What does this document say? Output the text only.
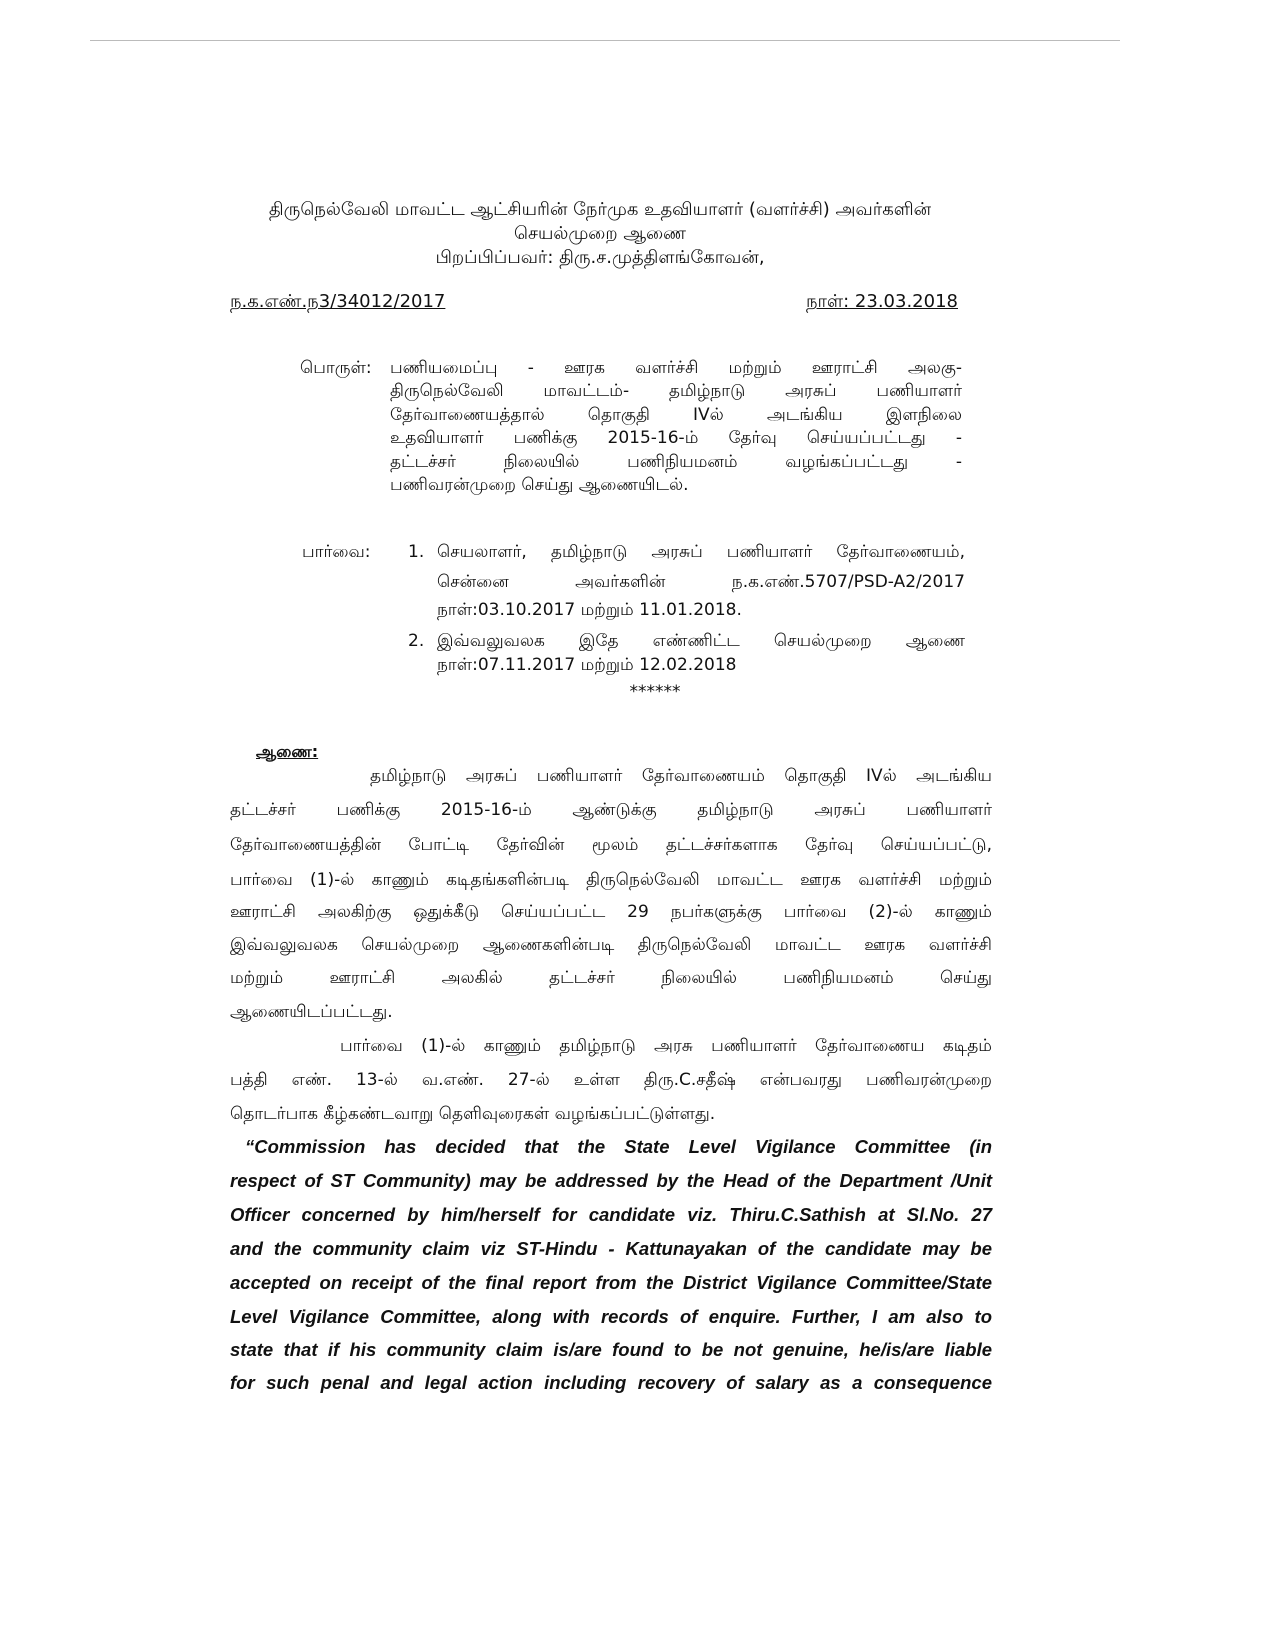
திருநெல்வேலி மாவட்ட ஆட்சியரின் நேர்முக உதவியாளர் (வளர்ச்சி) அவர்களின்
செயல்முறை ஆணை
பிறப்பிப்பவர்: திரு.ச.முத்திளங்கோவன்,
ந.க.எண்.ந3/34012/2017	நாள்: 23.03.2018
பொருள்: பணியமைப்பு - ஊரக வளர்ச்சி மற்றும் ஊராட்சி அலகு-
திருநெல்வேலி மாவட்டம்- தமிழ்நாடு அரசுப் பணியாளர்
தேர்வாணையத்தால் தொகுதி IVல் அடங்கிய இளநிலை
உதவியாளர் பணிக்கு 2015-16-ம் தேர்வு செய்யப்பட்டது -
தட்டச்சர் நிலையில் பணிநியமனம் வழங்கப்பட்டது -
பணிவரன்முறை செய்து ஆணையிடல்.
பார்வை: 1. செயலாளர், தமிழ்நாடு அரசுப் பணியாளர் தேர்வாணையம்,
சென்னை அவர்களின் ந.க.எண்.5707/PSD-A2/2017
நாள்:03.10.2017 மற்றும் 11.01.2018.
2. இவ்வலுவலக இதே எண்ணிட்ட செயல்முறை ஆணை
நாள்:07.11.2017 மற்றும் 12.02.2018
******
ஆணை:
தமிழ்நாடு அரசுப் பணியாளர் தேர்வாணையம் தொகுதி IVல் அடங்கிய
தட்டச்சர் பணிக்கு 2015-16-ம் ஆண்டுக்கு தமிழ்நாடு அரசுப் பணியாளர்
தேர்வாணையத்தின் போட்டி தேர்வின் மூலம் தட்டச்சர்களாக தேர்வு செய்யப்பட்டு,
பார்வை (1)-ல் காணும் கடிதங்களின்படி திருநெல்வேலி மாவட்ட ஊரக வளர்ச்சி மற்றும்
ஊராட்சி அலகிற்கு ஒதுக்கீடு செய்யப்பட்ட 29 நபர்களுக்கு பார்வை (2)-ல் காணும்
இவ்வலுவலக செயல்முறை ஆணைகளின்படி திருநெல்வேலி மாவட்ட ஊரக வளர்ச்சி
மற்றும் ஊராட்சி அலகில் தட்டச்சர் நிலையில் பணிநியமனம் செய்து
ஆணையிடப்பட்டது.
பார்வை (1)-ல் காணும் தமிழ்நாடு அரசு பணியாளர் தேர்வாணைய கடிதம்
பத்தி எண். 13-ல் வ.எண். 27-ல் உள்ள திரு.C.சதீஷ் என்பவரது பணிவரன்முறை
தொடர்பாக கீழ்கண்டவாறு தெளிவுரைகள் வழங்கப்பட்டுள்ளது.
“Commission has decided that the State Level Vigilance Committee (in
respect of ST Community) may be addressed by the Head of the Department /Unit
Officer concerned by him/herself for candidate viz. Thiru.C.Sathish at Sl.No. 27
and the community claim viz ST-Hindu - Kattunayakan of the candidate may be
accepted on receipt of the final report from the District Vigilance Committee/State
Level Vigilance Committee, along with records of enquire. Further, I am also to
state that if his community claim is/are found to be not genuine, he/is/are liable
for such penal and legal action including recovery of salary as a consequence
